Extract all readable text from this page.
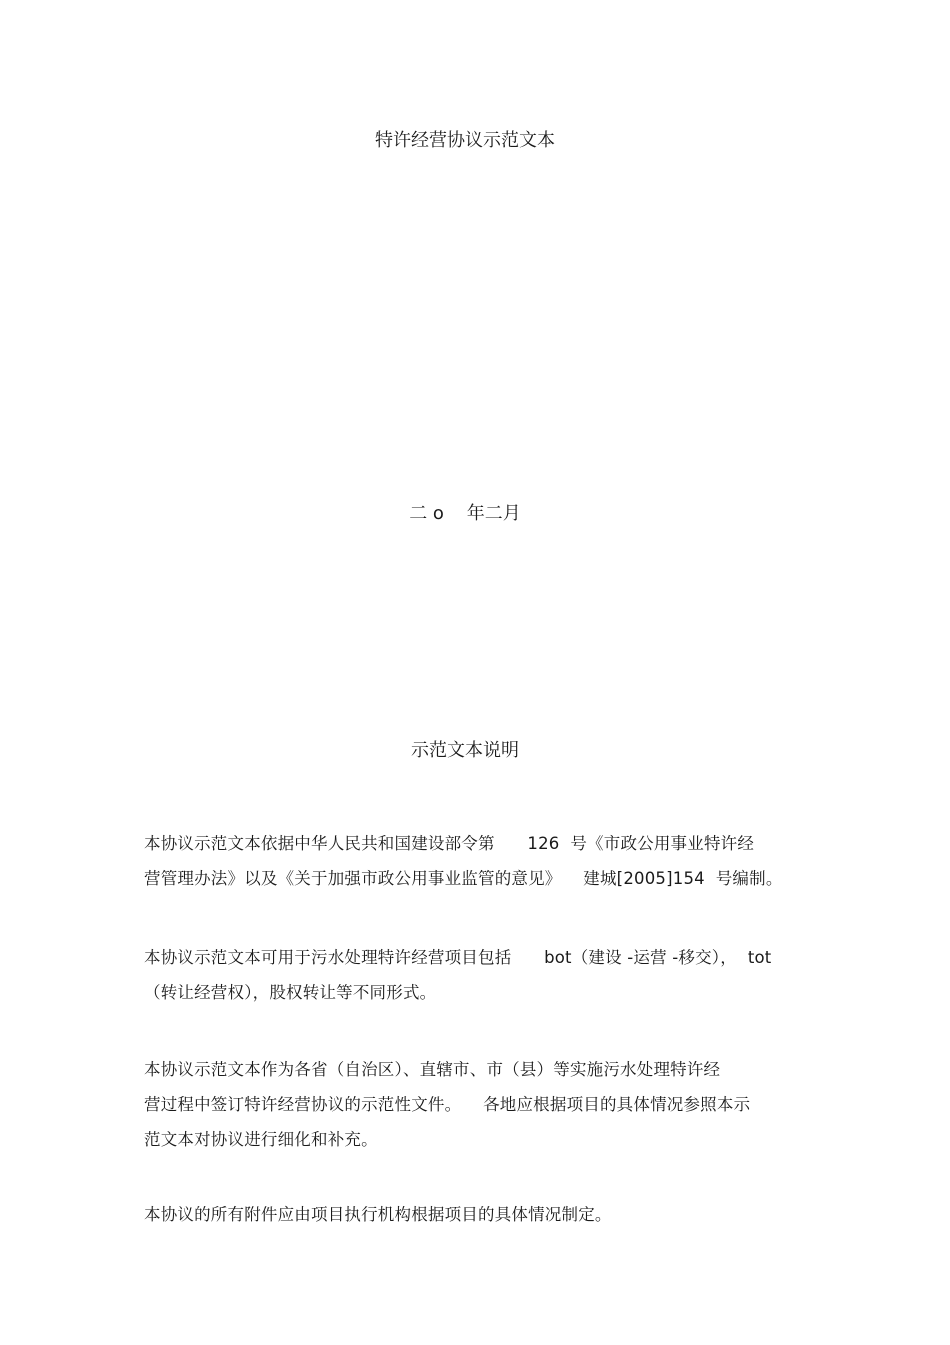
特许经营协议示范文本
二 o    年二月
示范文本说明
本协议示范文本依据中华人民共和国建设部令第      126  号《市政公用事业特许经
营管理办法》以及《关于加强市政公用事业监管的意见》    建城[2005]154  号编制。
本协议示范文本可用于污水处理特许经营项目包括      bot（建设 -运营 -移交），  tot
（转让经营权），股权转让等不同形式。
本协议示范文本作为各省（自治区）、直辖市、市（县）等实施污水处理特许经
营过程中签订特许经营协议的示范性文件。    各地应根据项目的具体情况参照本示
范文本对协议进行细化和补充。
本协议的所有附件应由项目执行机构根据项目的具体情况制定。
